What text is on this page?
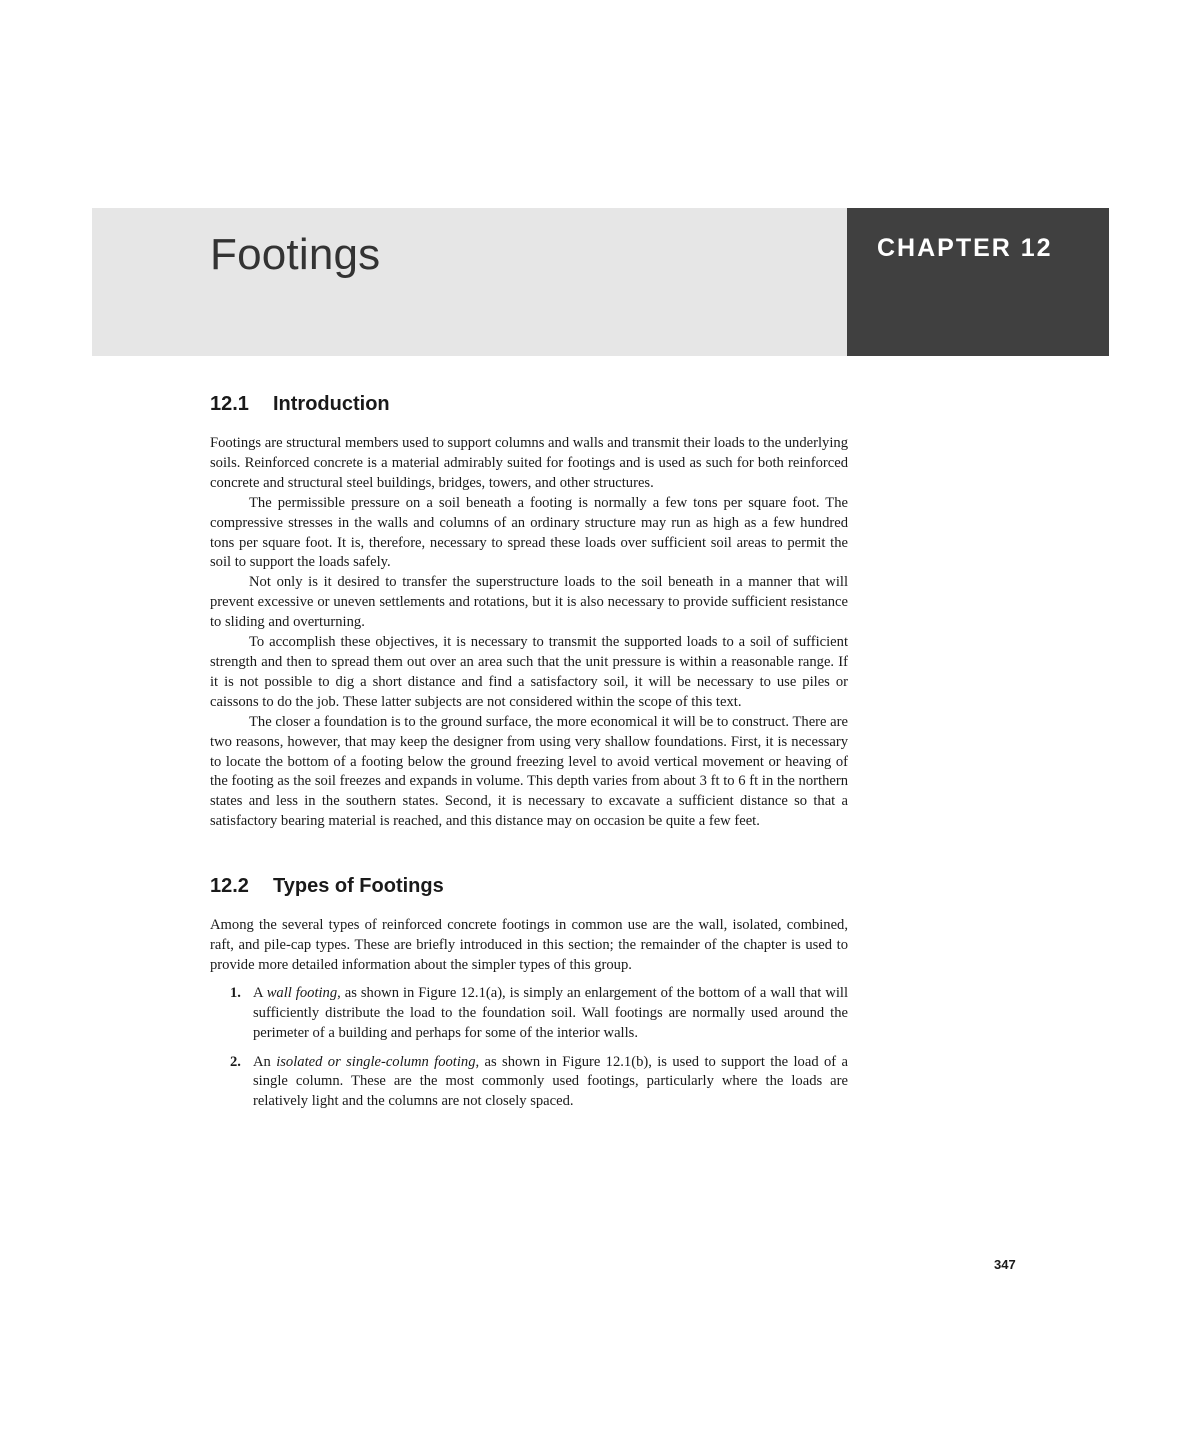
Footings	CHAPTER 12
12.1 Introduction

Footings are structural members used to support columns and walls and transmit their loads to the underlying soils. Reinforced concrete is a material admirably suited for footings and is used as such for both reinforced concrete and structural steel buildings, bridges, towers, and other structures.

The permissible pressure on a soil beneath a footing is normally a few tons per square foot. The compressive stresses in the walls and columns of an ordinary structure may run as high as a few hundred tons per square foot. It is, therefore, necessary to spread these loads over sufficient soil areas to permit the soil to support the loads safely.

Not only is it desired to transfer the superstructure loads to the soil beneath in a manner that will prevent excessive or uneven settlements and rotations, but it is also necessary to provide sufficient resistance to sliding and overturning.

To accomplish these objectives, it is necessary to transmit the supported loads to a soil of sufficient strength and then to spread them out over an area such that the unit pressure is within a reasonable range. If it is not possible to dig a short distance and find a satisfactory soil, it will be necessary to use piles or caissons to do the job. These latter subjects are not considered within the scope of this text.

The closer a foundation is to the ground surface, the more economical it will be to construct. There are two reasons, however, that may keep the designer from using very shallow foundations. First, it is necessary to locate the bottom of a footing below the ground freezing level to avoid vertical movement or heaving of the footing as the soil freezes and expands in volume. This depth varies from about 3 ft to 6 ft in the northern states and less in the southern states. Second, it is necessary to excavate a sufficient distance so that a satisfactory bearing material is reached, and this distance may on occasion be quite a few feet.

12.2 Types of Footings

Among the several types of reinforced concrete footings in common use are the wall, isolated, combined, raft, and pile-cap types. These are briefly introduced in this section; the remainder of the chapter is used to provide more detailed information about the simpler types of this group.

1. A wall footing, as shown in Figure 12.1(a), is simply an enlargement of the bottom of a wall that will sufficiently distribute the load to the foundation soil. Wall footings are normally used around the perimeter of a building and perhaps for some of the interior walls.

2. An isolated or single-column footing, as shown in Figure 12.1(b), is used to support the load of a single column. These are the most commonly used footings, particularly where the loads are relatively light and the columns are not closely spaced.

347
